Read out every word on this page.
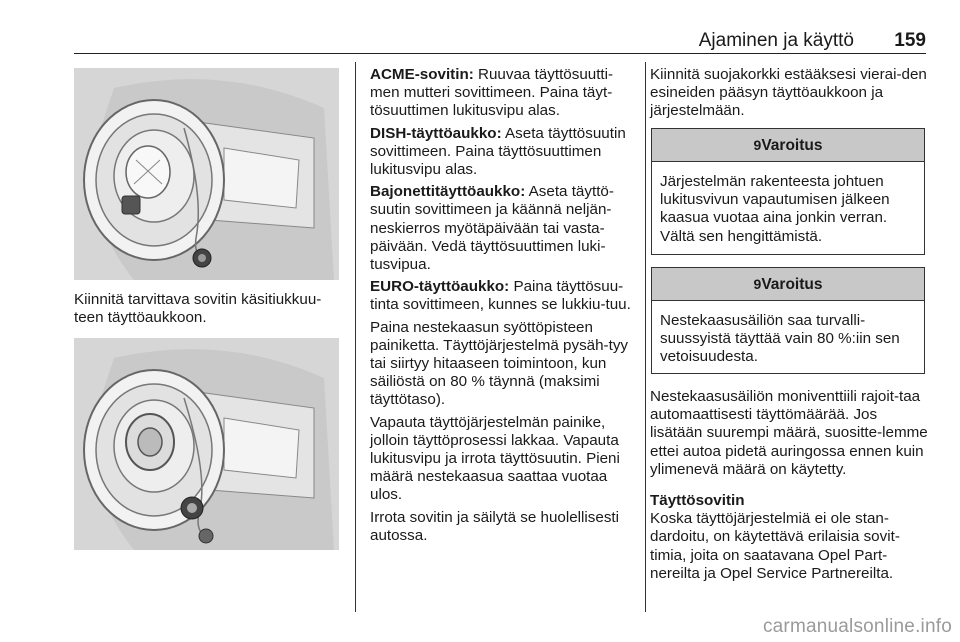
Ajaminen ja käyttö 159

Kiinnitä tarvittava sovitin käsitiukkuu-teen täyttöaukkoon.

ACME-sovitin: Ruuvaa täyttösuutti-men mutteri sovittimeen. Paina täyt-tösuuttimen lukitusvipu alas.

DISH-täyttöaukko: Aseta täyttösuutin sovittimeen. Paina täyttösuuttimen lukitusvipu alas.

Bajonettitäyttöaukko: Aseta täyttö-suutin sovittimeen ja käännä neljän-neskierros myötäpäivään tai vasta-päivään. Vedä täyttösuuttimen luki-tusvipua.

EURO-täyttöaukko: Paina täyttösuu-tinta sovittimeen, kunnes se lukkiu-tuu.

Paina nestekaasun syöttöpisteen painiketta. Täyttöjärjestelmä pysäh-tyy tai siirtyy hitaaseen toimintoon, kun säiliöstä on 80 % täynnä (maksimi täyttötaso).

Vapauta täyttöjärjestelmän painike, jolloin täyttöprosessi lakkaa. Vapauta lukitusvipu ja irrota täyttösuutin. Pieni määrä nestekaasua saattaa vuotaa ulos.

Irrota sovitin ja säilytä se huolellisesti autossa.

Kiinnitä suojakorkki estääksesi vierai-den esineiden pääsyn täyttöaukkoon ja järjestelmään.

9Varoitus
Järjestelmän rakenteesta johtuen lukitusvivun vapautumisen jälkeen kaasua vuotaa aina jonkin verran. Vältä sen hengittämistä.
9Varoitus
Nestekaasusäiliön saa turvalli-suussyistä täyttää vain 80 %:iin sen vetoisuudesta.

Nestekaasusäiliön moniventtiili rajoit-taa automaattisesti täyttömäärää. Jos lisätään suurempi määrä, suositte-lemme ettei autoa pidetä auringossa ennen kuin ylimenevä määrä on käytetty.

Täyttösovitin

Koska täyttöjärjestelmiä ei ole stan-dardoitu, on käytettävä erilaisia sovit-timia, joita on saatavana Opel Part-nereilta ja Opel Service Partnereilta.

carmanualsonline.info
